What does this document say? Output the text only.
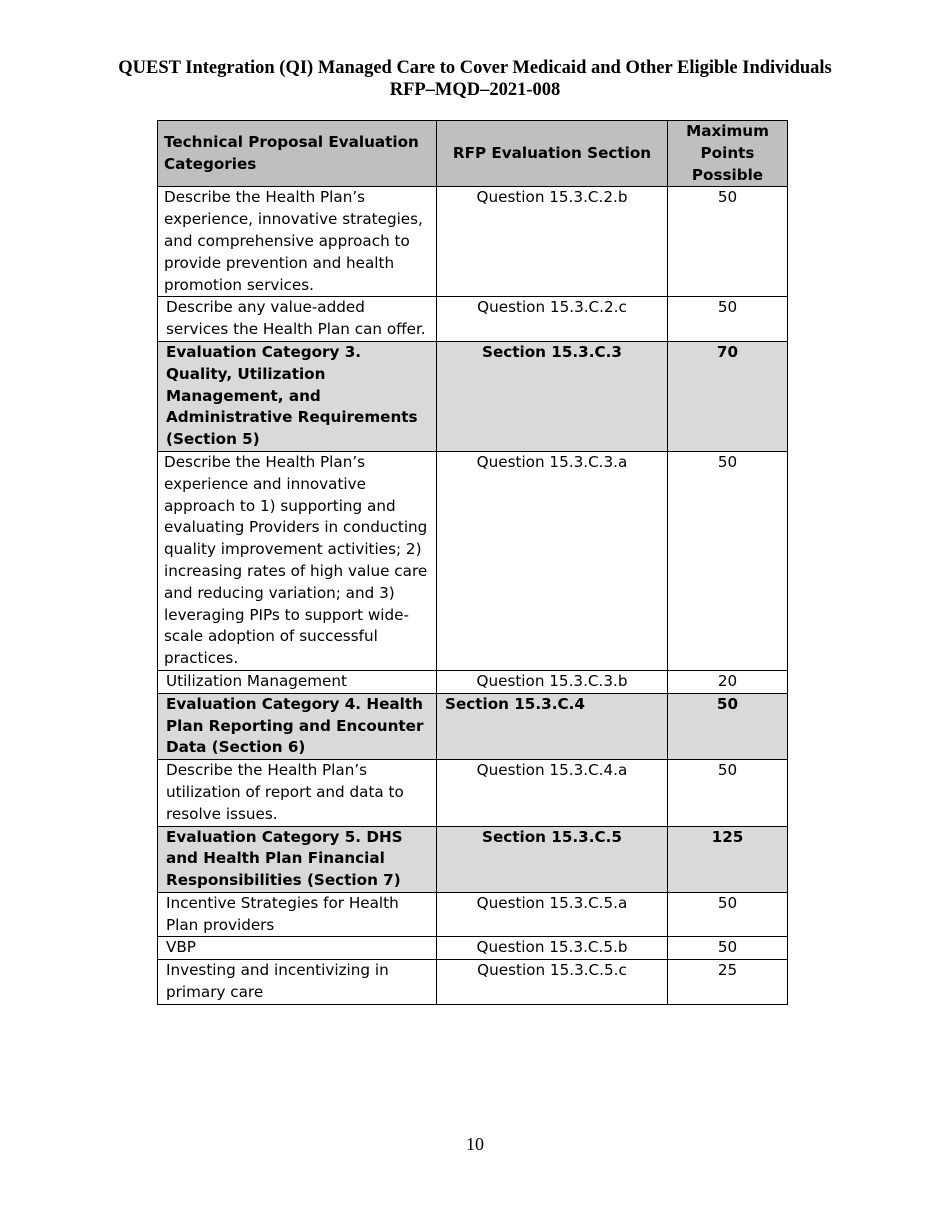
QUEST Integration (QI) Managed Care to Cover Medicaid and Other Eligible Individuals
RFP–MQD–2021-008
Technical Proposal Evaluation Categories	RFP Evaluation Section	Maximum Points Possible
Describe the Health Plan’s experience, innovative strategies, and comprehensive approach to provide prevention and health promotion services.	Question 15.3.C.2.b	50
Describe any value-added services the Health Plan can offer.	Question 15.3.C.2.c	50
Evaluation Category 3. Quality, Utilization Management, and Administrative Requirements (Section 5)	Section 15.3.C.3	70
Describe the Health Plan’s experience and innovative approach to 1) supporting and evaluating Providers in conducting quality improvement activities; 2) increasing rates of high value care and reducing variation; and 3) leveraging PIPs to support wide-scale adoption of successful practices.	Question 15.3.C.3.a	50
Utilization Management	Question 15.3.C.3.b	20
Evaluation Category 4. Health Plan Reporting and Encounter Data (Section 6)	Section 15.3.C.4	50
Describe the Health Plan’s utilization of report and data to resolve issues.	Question 15.3.C.4.a	50
Evaluation Category 5. DHS and Health Plan Financial Responsibilities (Section 7)	Section 15.3.C.5	125
Incentive Strategies for Health Plan providers	Question 15.3.C.5.a	50
VBP	Question 15.3.C.5.b	50
Investing and incentivizing in primary care	Question 15.3.C.5.c	25
10
